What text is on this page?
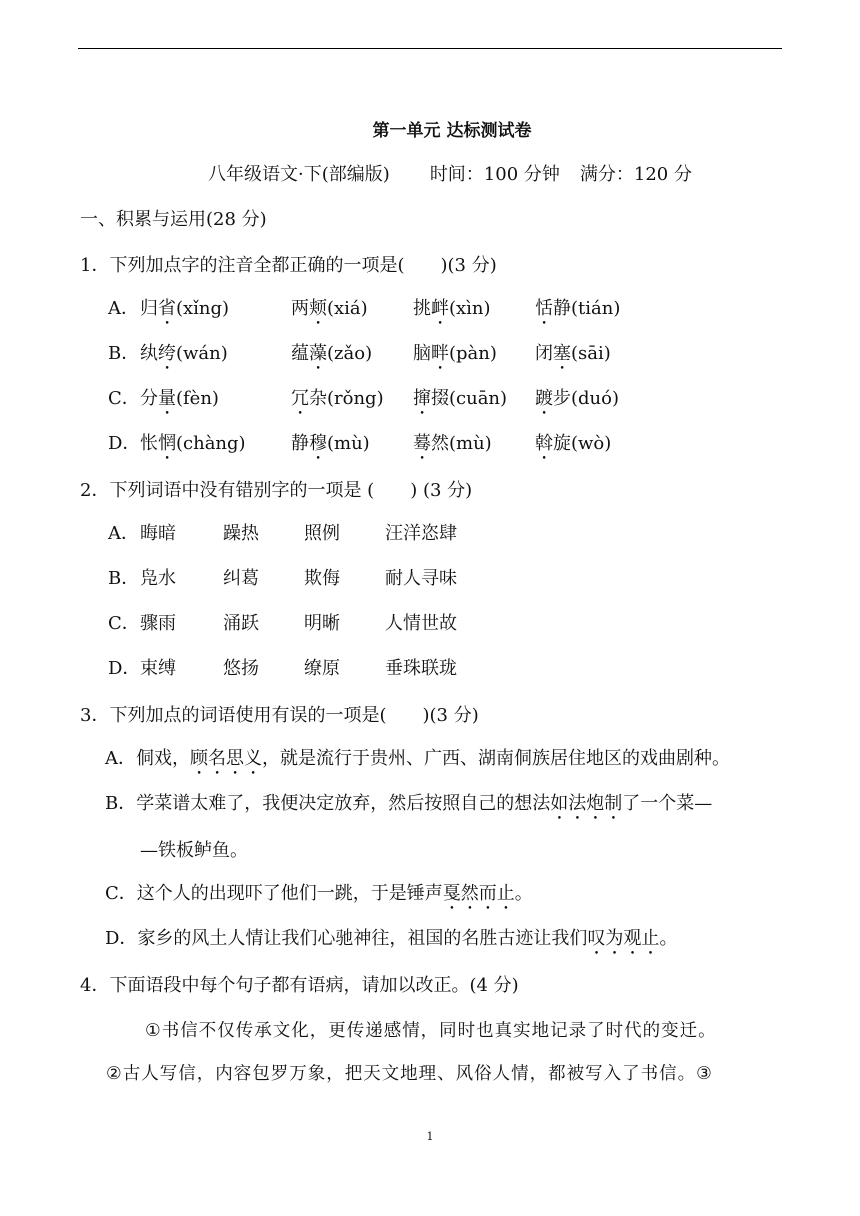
第一单元 达标测试卷
八年级语文·下(部编版) 时间：100 分钟 满分：120 分
一、积累与运用(28 分)
1．下列加点字的注音全都正确的一项是(　　)(3 分)
A． 归省(xǐng)	两颊(xiá)	挑衅(xìn) 恬静(tián)
B． 纨绔(wán)	蕴藻(zǎo) 脑畔(pàn) 闭塞(sāi)
C． 分量(fèn)	冗杂(rǒng) 撺掇(cuān) 踱步(duó)
D． 怅惘(chàng)	静穆(mù) 蓦然(mù) 斡旋(wò)
2．下列词语中没有错别字的一项是 (　　) (3 分)
A． 晦暗	躁热	照例	汪洋恣肆
B． 凫水	纠葛	欺侮	耐人寻味
C． 骤雨	涌跃	明晰	人情世故
D． 束缚	悠扬	缭原	垂珠联珑
3．下列加点的词语使用有误的一项是(　　)(3 分)
A．侗戏，顾名思义，就是流行于贵州、广西、湖南侗族居住地区的戏曲剧种。
B．学菜谱太难了，我便决定放弃，然后按照自己的想法如法炮制了一个菜—
—铁板鲈鱼。
C．这个人的出现吓了他们一跳，于是锤声戛然而止。
D．家乡的风土人情让我们心驰神往，祖国的名胜古迹让我们叹为观止。
4．下面语段中每个句子都有语病，请加以改正。(4 分)
①书信不仅传承文化，更传递感情，同时也真实地记录了时代的变迁。
②古人写信，内容包罗万象，把天文地理、风俗人情，都被写入了书信。③
1
